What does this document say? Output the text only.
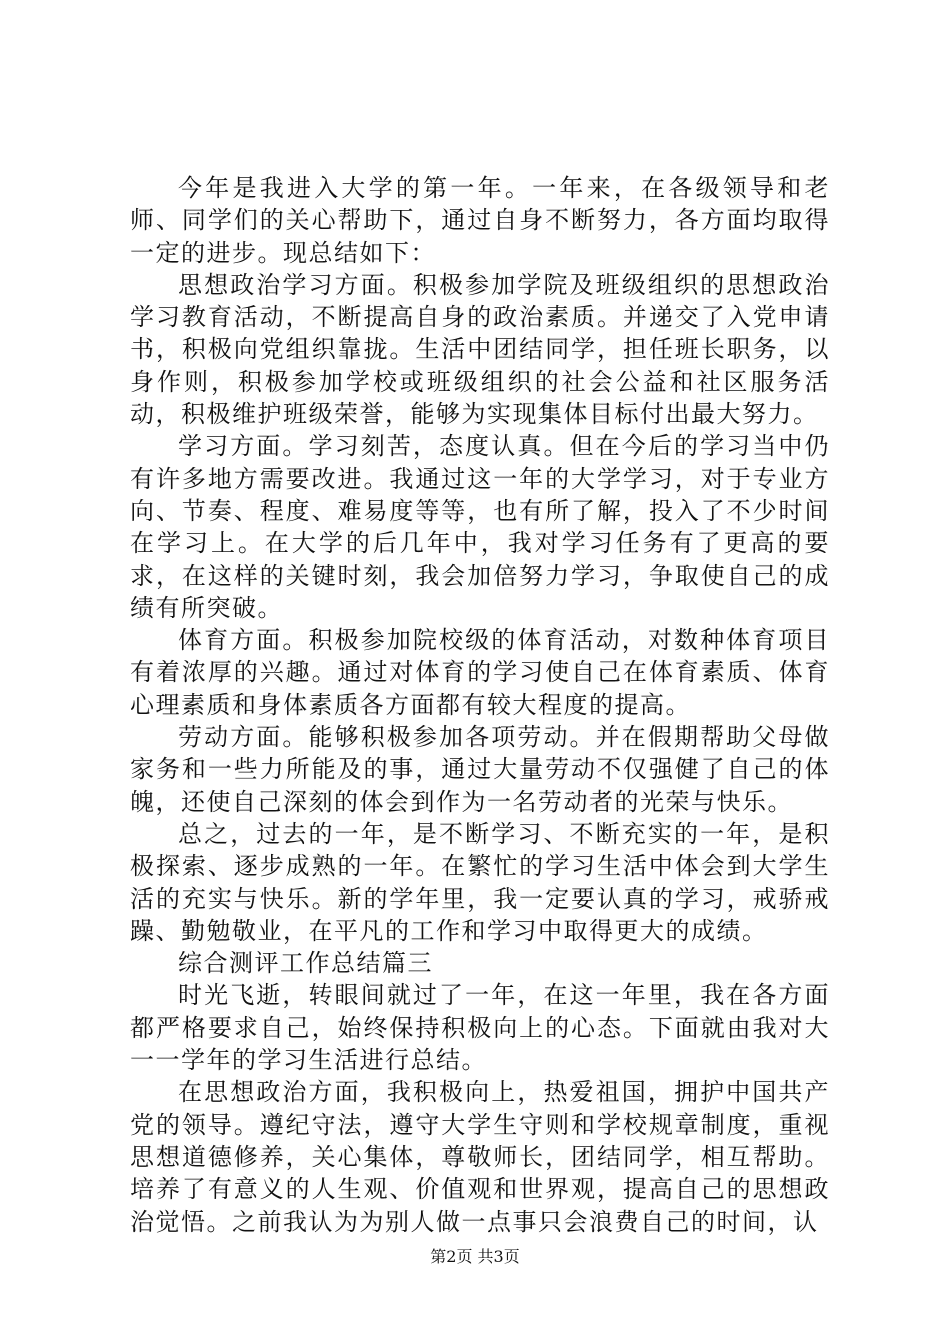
今年是我进入大学的第一年。一年来，在各级领导和老师、同学们的关心帮助下，通过自身不断努力，各方面均取得一定的进步。现总结如下：

思想政治学习方面。积极参加学院及班级组织的思想政治学习教育活动，不断提高自身的政治素质。并递交了入党申请书，积极向党组织靠拢。生活中团结同学，担任班长职务，以身作则，积极参加学校或班级组织的社会公益和社区服务活动，积极维护班级荣誉，能够为实现集体目标付出最大努力。

学习方面。学习刻苦，态度认真。但在今后的学习当中仍有许多地方需要改进。我通过这一年的大学学习，对于专业方向、节奏、程度、难易度等等，也有所了解，投入了不少时间在学习上。在大学的后几年中，我对学习任务有了更高的要求，在这样的关键时刻，我会加倍努力学习，争取使自己的成绩有所突破。

体育方面。积极参加院校级的体育活动，对数种体育项目有着浓厚的兴趣。通过对体育的学习使自己在体育素质、体育心理素质和身体素质各方面都有较大程度的提高。

劳动方面。能够积极参加各项劳动。并在假期帮助父母做家务和一些力所能及的事，通过大量劳动不仅强健了自己的体魄，还使自己深刻的体会到作为一名劳动者的光荣与快乐。

总之，过去的一年，是不断学习、不断充实的一年，是积极探索、逐步成熟的一年。在繁忙的学习生活中体会到大学生活的充实与快乐。新的学年里，我一定要认真的学习，戒骄戒躁、勤勉敬业，在平凡的工作和学习中取得更大的成绩。

综合测评工作总结篇三

时光飞逝，转眼间就过了一年，在这一年里，我在各方面都严格要求自己，始终保持积极向上的心态。下面就由我对大一一学年的学习生活进行总结。

在思想政治方面，我积极向上，热爱祖国，拥护中国共产党的领导。遵纪守法，遵守大学生守则和学校规章制度，重视思想道德修养，关心集体，尊敬师长，团结同学，相互帮助。培养了有意义的人生观、价值观和世界观，提高自己的思想政治觉悟。之前我认为为别人做一点事只会浪费自己的时间，认

第2页 共3页
